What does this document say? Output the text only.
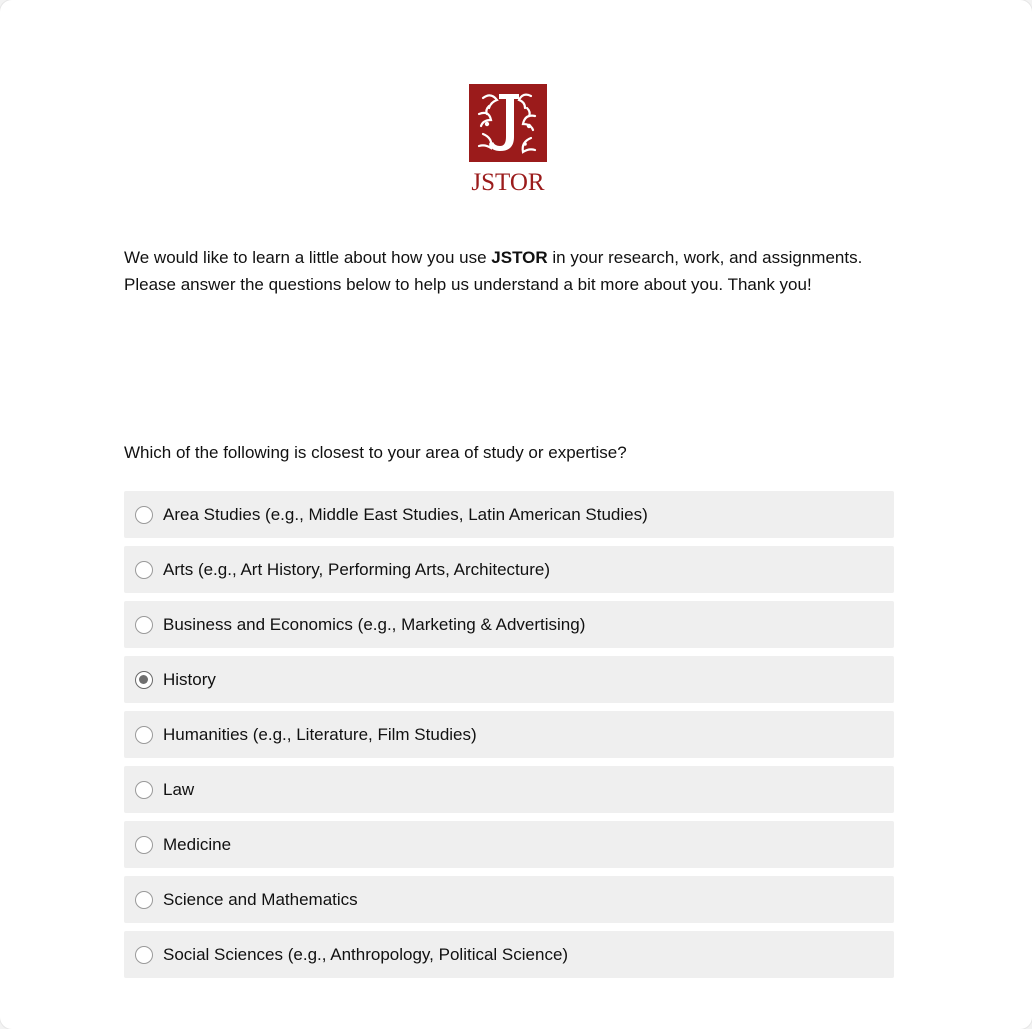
JSTOR
We would like to learn a little about how you use JSTOR in your research, work, and assignments. Please answer the questions below to help us understand a bit more about you. Thank you!
Which of the following is closest to your area of study or expertise?
Area Studies (e.g., Middle East Studies, Latin American Studies)
Arts (e.g., Art History, Performing Arts, Architecture)
Business and Economics (e.g., Marketing & Advertising)
History
Humanities (e.g., Literature, Film Studies)
Law
Medicine
Science and Mathematics
Social Sciences (e.g., Anthropology, Political Science)
